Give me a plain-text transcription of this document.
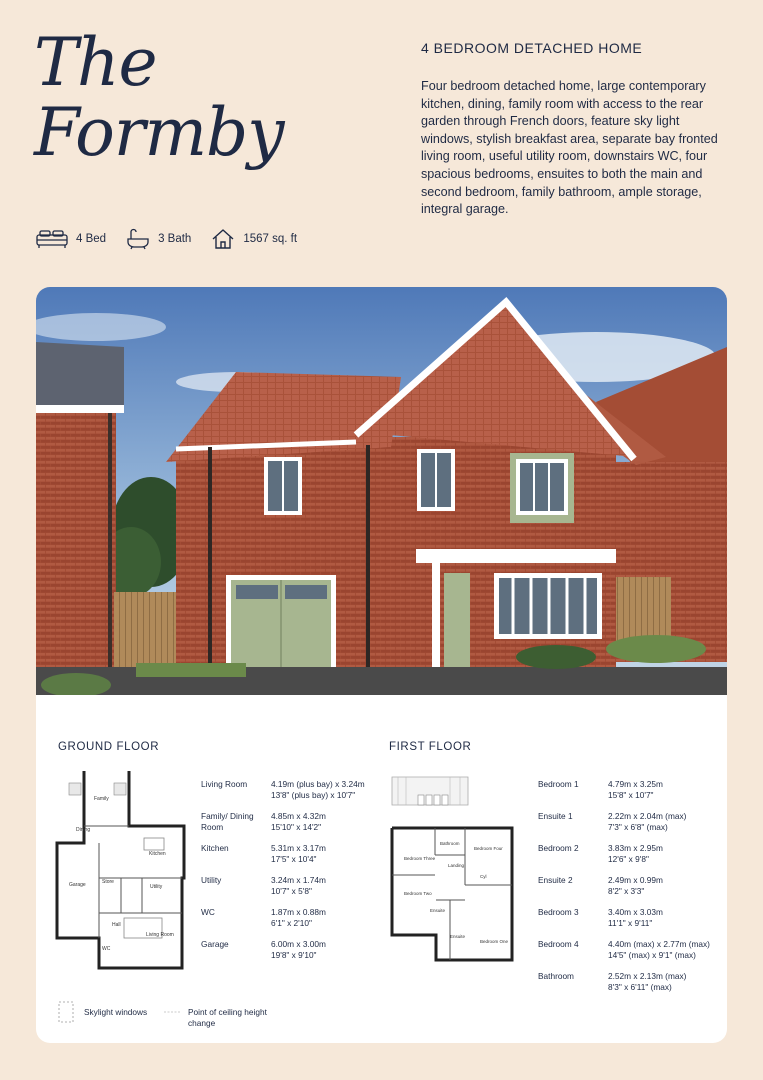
The
Formby
4 BEDROOM DETACHED HOME
Four bedroom detached home, large contemporary kitchen, dining, family room with access to the rear garden through French doors, feature sky light windows, stylish breakfast area, separate bay fronted living room, useful utility room, downstairs WC, four spacious bedrooms, ensuites to both the main and second bedroom, family bathroom, ample storage, integral garage.
4 Bed	3 Bath	1567 sq. ft
GROUND FLOOR	FIRST FLOOR
Family
Dining
Kitchen
Garage	Store
Utility
Hall
WC
Living Room
Living Room	4.19m (plus bay) x 3.24m
13'8" (plus bay) x 10'7"
Family/ Dining Room
4.85m x 4.32m
15'10" x 14'2"
Kitchen	5.31m x 3.17m
17'5" x 10'4"
Utility	3.24m x 1.74m
10'7" x 5'8"
WC	1.87m x 0.88m
6'1" x 2'10"
Garage	6.00m x 3.00m
19'8" x 9'10"
Bathroom
Bedroom Three
Bedroom Four
Landing
Cyl
Bedroom Two
Ensuite
Ensuite
Bedroom One
Bedroom 1	4.79m x 3.25m
15'8" x 10'7"
Ensuite 1	2.22m x 2.04m (max)
7'3" x 6'8" (max)
Bedroom 2	3.83m x 2.95m
12'6" x 9'8"
Ensuite 2	2.49m x 0.99m
8'2" x 3'3"
Bedroom 3	3.40m x 3.03m
11'1" x 9'11"
Bedroom 4	4.40m (max) x 2.77m (max)
14'5" (max) x 9'1" (max)
Bathroom	2.52m x 2.13m (max)
8'3" x 6'11" (max)
Skylight windows	Point of ceiling height change
